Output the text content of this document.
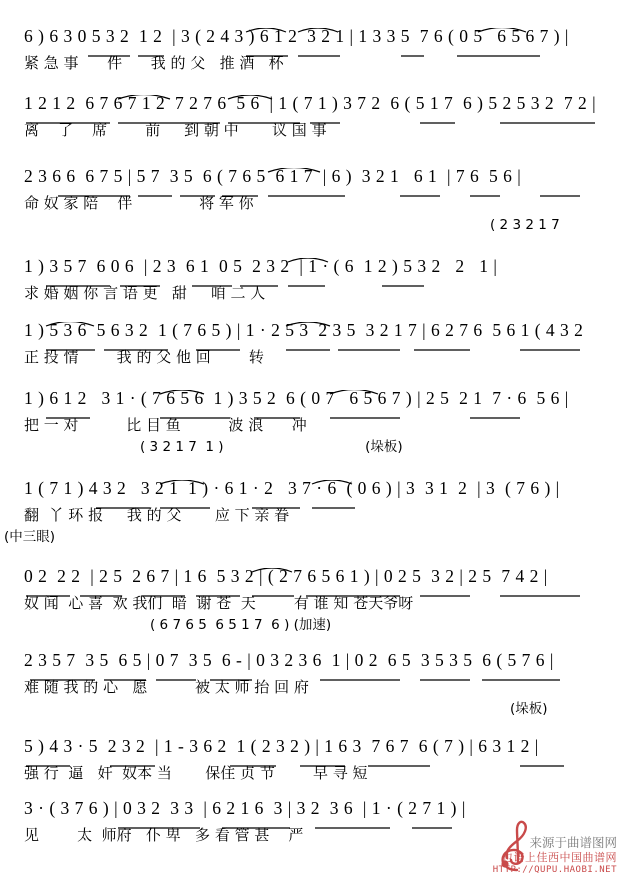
6 ) 6 3 0 5 3 2  1 2  | 3 ( 2 4 3 ) 6 1 2  3 2 1 | 1 3 3 5  7 6 ( 0 5   6 5 6 7 ) |
紧 急 事      件      我 的 父   推 酒   杯
1 2 1 2  6 7 6 7 1 2  7 2 7 6  5 6  | 1 ( 7 1 ) 3 7 2  6 ( 5 1 7  6 ) 5 2 5 3 2  7 2 |
离    了    席        前     到 朝 中       议 国 事
2 3 6 6  6 7 5 | 5 7  3 5  6 ( 7 6 5  6 1 7  | 6 )  3 2 1   6 1  | 7 6  5 6 |
命 奴 家 陪    伴              将 军 你
( 2 3 2 1 7
1 ) 3 5 7  6 0 6  | 2 3  6 1  0 5  2 3 2  | 1 · ( 6  1 2 ) 5 3 2   2   1 |
求 婚 姻 你 言 语 更   甜     咱 二 人
1 ) 5 3 6  5 6 3 2  1 ( 7 6 5 ) | 1 · 2 5 3  2 3 5  3 2 1 7 | 6 2 7 6  5 6 1 ( 4 3 2
正 投 情        我 的 父 他 回        转
1 ) 6 1 2   3 1 · ( 7 6 5 6  1 ) 3 5 2  6 ( 0 7   6 5 6 7 ) | 2 5  2 1  7 · 6  5 6 |
把 一 对          比 目 鱼          波 浪      冲
( 3 2 1 7  1 )                                 (垛板)
1 ( 7 1 ) 4 3 2   3 2 1  1 ) · 6 1 · 2   3 7 · 6  ( 0 6 ) | 3  3 1  2  | 3  ( 7 6 ) |
翻  丫 环 报     我 的 父       应 下 亲 眷
(中三眼)
0 2  2 2  | 2 5  2 6 7 | 1 6  5 3 2 | ( 2 7 6 5 6 1 ) | 0 2 5  3 2 | 2 5  7 4 2 |
奴 闻  心 喜  欢 我们  暗  谢 苍  天        有 谁 知 苍天爷呀
( 6 7 6 5  6 5 1 7  6 ) (加速)
2 3 5 7  3 5  6 5 | 0 7  3 5  6 - | 0 3 2 3 6  1 | 0 2  6 5  3 5 3 5  6 ( 5 7 6 |
难 随 我 的 心   愿          被 太 师 抬 回 府
(垛板)
5 ) 4 3 · 5  2 3 2  | 1 - 3 6 2  1 ( 2 3 2 ) | 1 6 3  7 6 7  6 ( 7 ) | 6 3 1 2 |
强 行  逼   奸  奴本 当       保住 贞 节        早 寻 短
3 · ( 3 7 6 ) | 0 3 2  3 3  | 6 2 1 6  3 | 3 2  3 6  | 1 · ( 2 7 1 ) |
见        太  师府   仆 卑   多 看 管 甚    严	来源于曲谱图网
也谱上佳西中国曲谱网
HTTP://QUPU.HAOBI.NET
